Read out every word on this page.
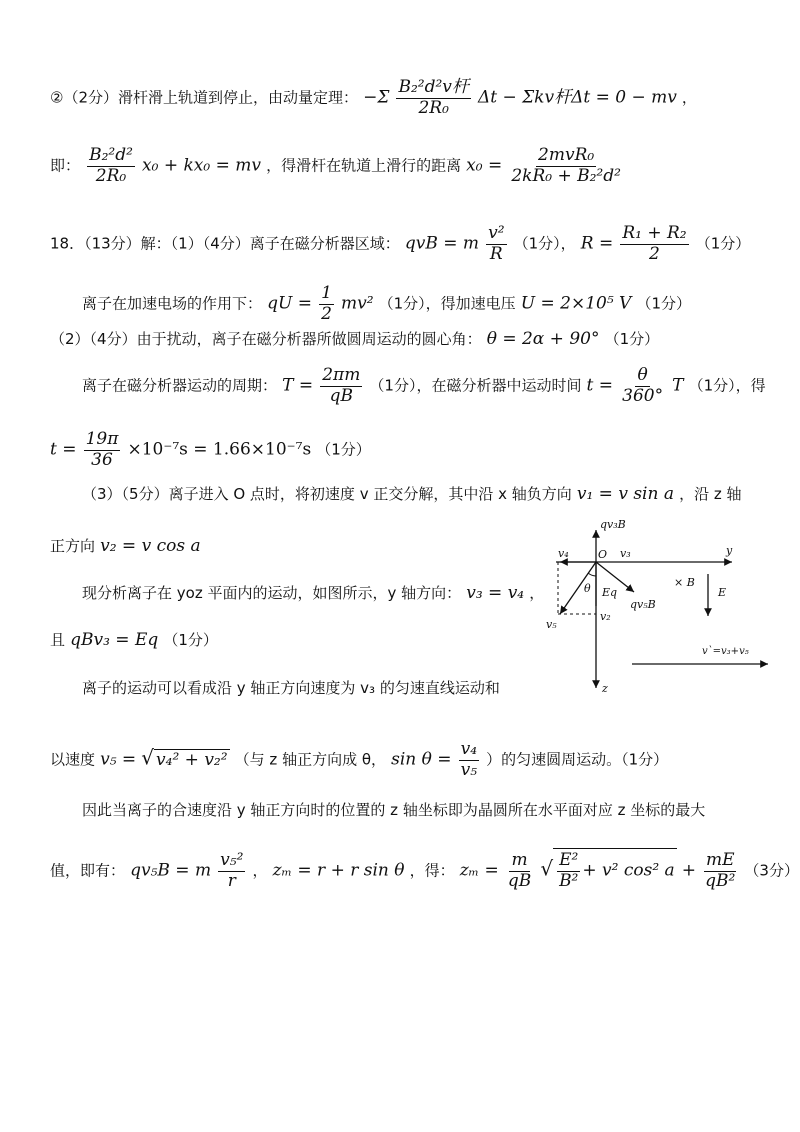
②（2分）滑杆滑上轨道到停止，由动量定理： $-\Sigma \frac{\text{B₂²d²v杆}}{\text{2R₀}}$ Δt − Σkv杆Δt = 0 − mv ，
即： $\frac{\text{B₂²d²}}{\text{2R₀}} x_0 + kx_0$ = mv ，得滑杆在轨道上滑行的距离 $x_0 = \frac{\text{2mvR₀}}{\text{2kR₀ + B₂²d²}}$
18．（13分）解：（1）（4分）离子在磁分析器区域： qvB = m $\frac{\text{v²}}{R} (1$分）， $R = \frac{\text{R₁ + R₂}}{2} (1$分）
离子在加速电场的作用下： qU = $\frac{1}{2} mv^2$ （1分），得加速电压 U = 2×10⁵ V （1分）
（2）（4分）由于扰动，离子在磁分析器所做圆周运动的圆心角： θ = 2α + 90° （1分）
离子在磁分析器运动的周期： $T = \frac{2\pi m}{qB} (1$分），在磁分析器中运动时间 $t = \frac{\theta}{360^\circ}$ T （1分），得
$t = \frac{19\pi}{36} \times 10^{-7}s = 1.66\times 10^{-7}s$ （1分）
（3）（5分）离子进入 O 点时，将初速度 v 正交分解，其中沿 x 轴负方向 v₁ = v sin a ，沿 z 轴
正方向 v₂ = v cos a
现分析离子在 yoz 平面内的运动，如图所示，y 轴方向： v₃ = v₄ ，
且 qBv₃ = Eq （1分）
离子的运动可以看成沿 y 轴正方向速度为 v₃ 的匀速直线运动和
以速度 v₅ = √ v₄² + v₂² （与 z 轴正方向成 θ， $\sin \theta = \frac{\text{v₄}}{\text{v₅}}$ ）的匀速圆周运动。（1分）
因此当离子的合速度沿 y 轴正方向时的位置的 z 轴坐标即为晶圆所在水平面对应 z 坐标的最大
值，即有： qv₅B = m $\frac{\text{v₅²}}{r}$ ， zₘ = r + r sin θ ，得： $z_m = \frac{m}{qB}$ √ $\frac{\text{E²}}{\text{B²}} + v^2$ cos² $a + \frac{mE}{\text{qB²}} (3$分）
qv₃B
y
z
O
v₄	v₃
v₅
v₂
θ Eq
qv₅B
× B
E
v`=v₃+v₅
